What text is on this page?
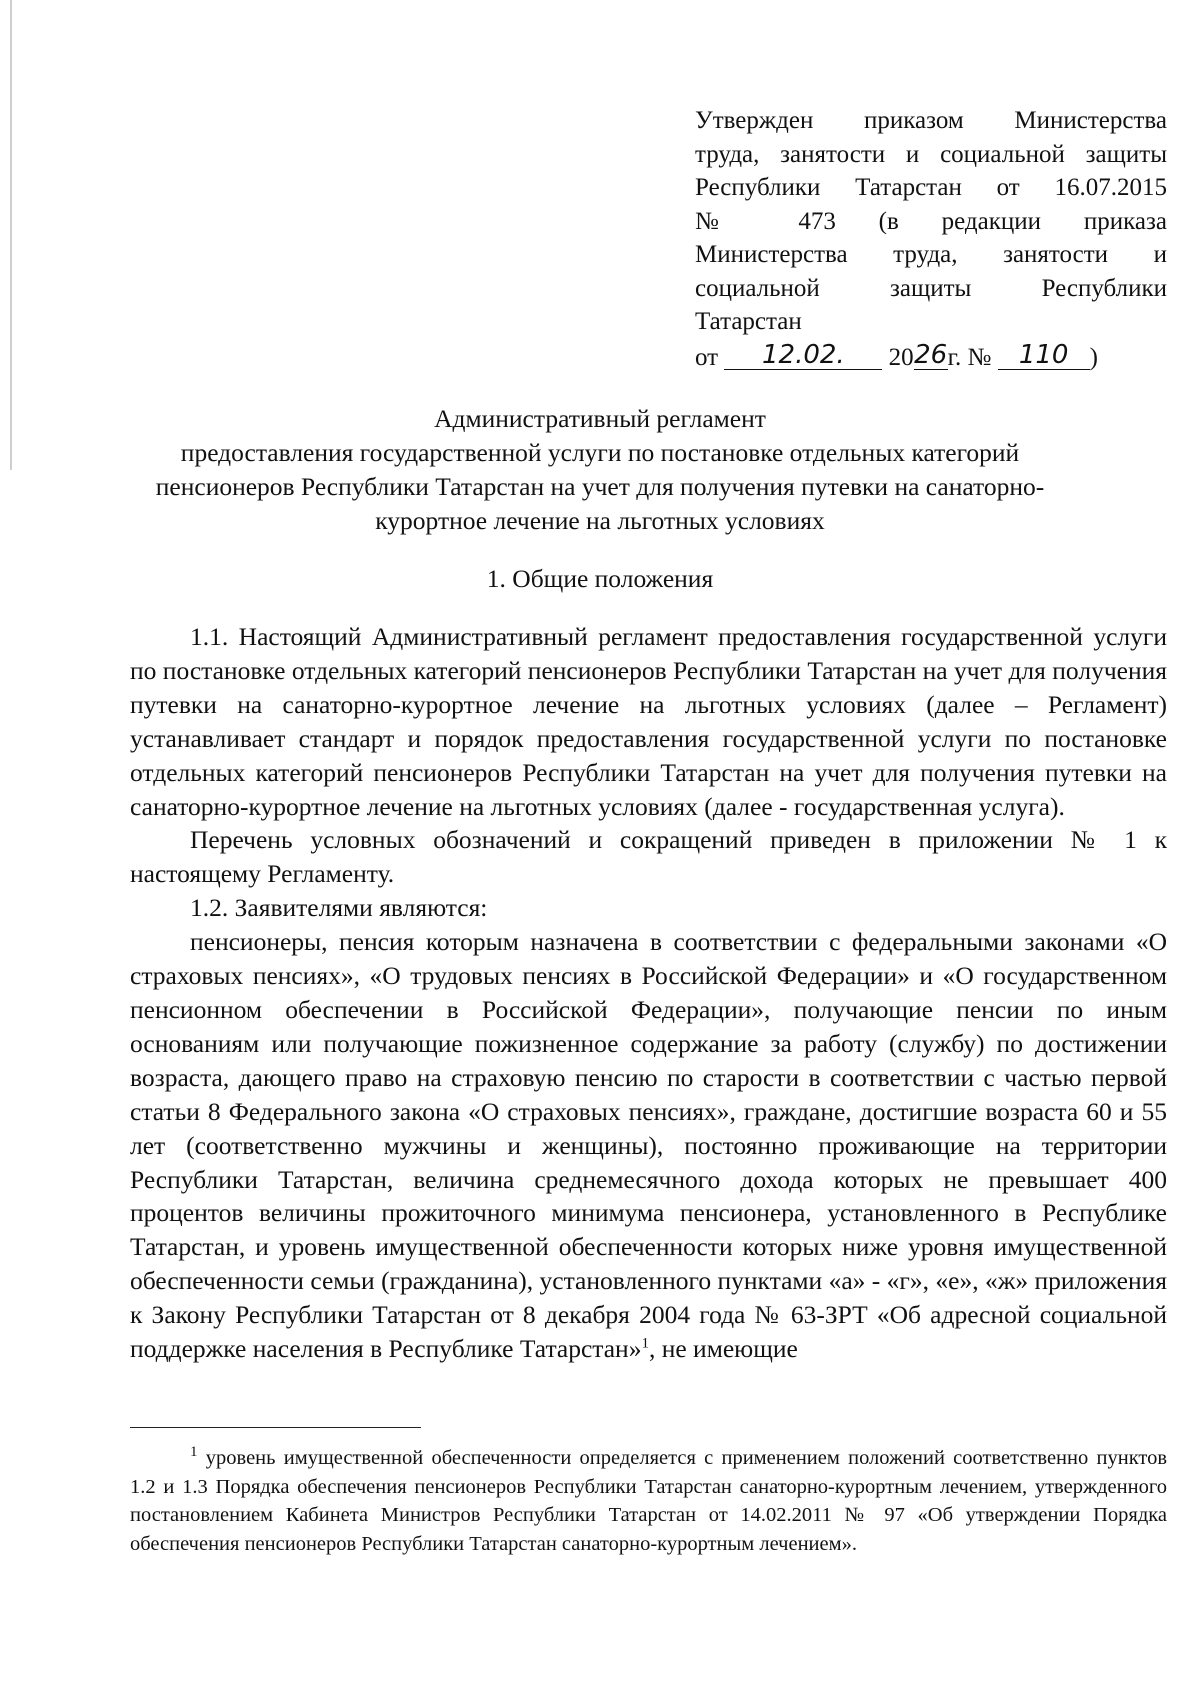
Утвержден приказом Министерства
труда, занятости и социальной защиты
Республики Татарстан от 16.07.2015
№ 473 (в редакции приказа
Министерства труда, занятости и
социальной защиты Республики
Татарстан
от 12.02. 2026г. № 110 )
Административный регламент
предоставления государственной услуги по постановке отдельных категорий
пенсионеров Республики Татарстан на учет для получения путевки на санаторно-
курортное лечение на льготных условиях
1. Общие положения

1.1. Настоящий Административный регламент предоставления государственной услуги по постановке отдельных категорий пенсионеров Республики Татарстан на учет для получения путевки на санаторно-курортное лечение на льготных условиях (далее – Регламент) устанавливает стандарт и порядок предоставления государственной услуги по постановке отдельных категорий пенсионеров Республики Татарстан на учет для получения путевки на санаторно-курортное лечение на льготных условиях (далее - государственная услуга).

Перечень условных обозначений и сокращений приведен в приложении № 1 к настоящему Регламенту.

1.2. Заявителями являются:

пенсионеры, пенсия которым назначена в соответствии с федеральными законами «О страховых пенсиях», «О трудовых пенсиях в Российской Федерации» и «О государственном пенсионном обеспечении в Российской Федерации», получающие пенсии по иным основаниям или получающие пожизненное содержание за работу (службу) по достижении возраста, дающего право на страховую пенсию по старости в соответствии с частью первой статьи 8 Федерального закона «О страховых пенсиях», граждане, достигшие возраста 60 и 55 лет (соответственно мужчины и женщины), постоянно проживающие на территории Республики Татарстан, величина среднемесячного дохода которых не превышает 400 процентов величины прожиточного минимума пенсионера, установленного в Республике Татарстан, и уровень имущественной обеспеченности которых ниже уровня имущественной обеспеченности семьи (гражданина), установленного пунктами «а» - «г», «е», «ж» приложения к Закону Республики Татарстан от 8 декабря 2004 года № 63-ЗРТ «Об адресной социальной поддержке населения в Республике Татарстан»$^1$, не имеющие

$^1$ уровень имущественной обеспеченности определяется с применением положений соответственно пунктов 1.2 и 1.3 Порядка обеспечения пенсионеров Республики Татарстан санаторно-курортным лечением, утвержденного постановлением Кабинета Министров Республики Татарстан от 14.02.2011 № 97 «Об утверждении Порядка обеспечения пенсионеров Республики Татарстан санаторно-курортным лечением».
